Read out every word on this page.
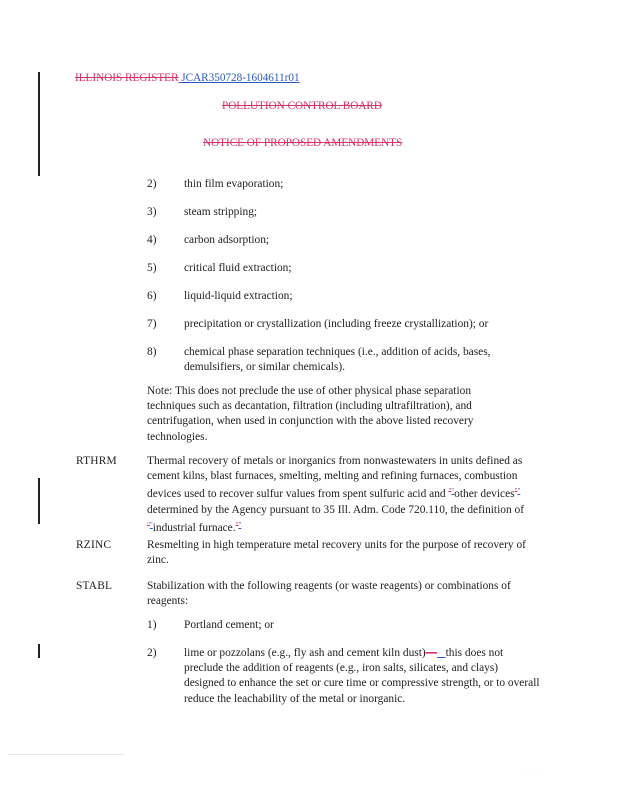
ILLINOIS REGISTER JCAR350728-1604611r01
POLLUTION CONTROL BOARD
NOTICE OF PROPOSED AMENDMENTS
2) thin film evaporation;
3) steam stripping;
4) carbon adsorption;
5) critical fluid extraction;
6) liquid-liquid extraction;
7) precipitation or crystallization (including freeze crystallization); or
8) chemical phase separation techniques (i.e., addition of acids, bases, demulsifiers, or similar chemicals).
Note: This does not preclude the use of other physical phase separation techniques such as decantation, filtration (including ultrafiltration), and centrifugation, when used in conjunction with the above listed recovery technologies.
RTHRM	Thermal recovery of metals or inorganics from nonwastewaters in units defined as cement kilns, blast furnaces, smelting, melting and refining furnaces, combustion devices used to recover sulfur values from spent sulfuric acid and ""other devices"" determined by the Agency pursuant to 35 Ill. Adm. Code 720.110, the definition of ""industrial furnace.""
RZINC	Resmelting in high temperature metal recovery units for the purpose of recovery of zinc.
STABL	Stabilization with the following reagents (or waste reagents) or combinations of reagents:
1) Portland cement; or
2) lime or pozzolans (e.g., fly ash and cement kiln dust)— this does not preclude the addition of reagents (e.g., iron salts, silicates, and clays) designed to enhance the set or cure time or compressive strength, or to overall reduce the leachability of the metal or inorganic.
···
